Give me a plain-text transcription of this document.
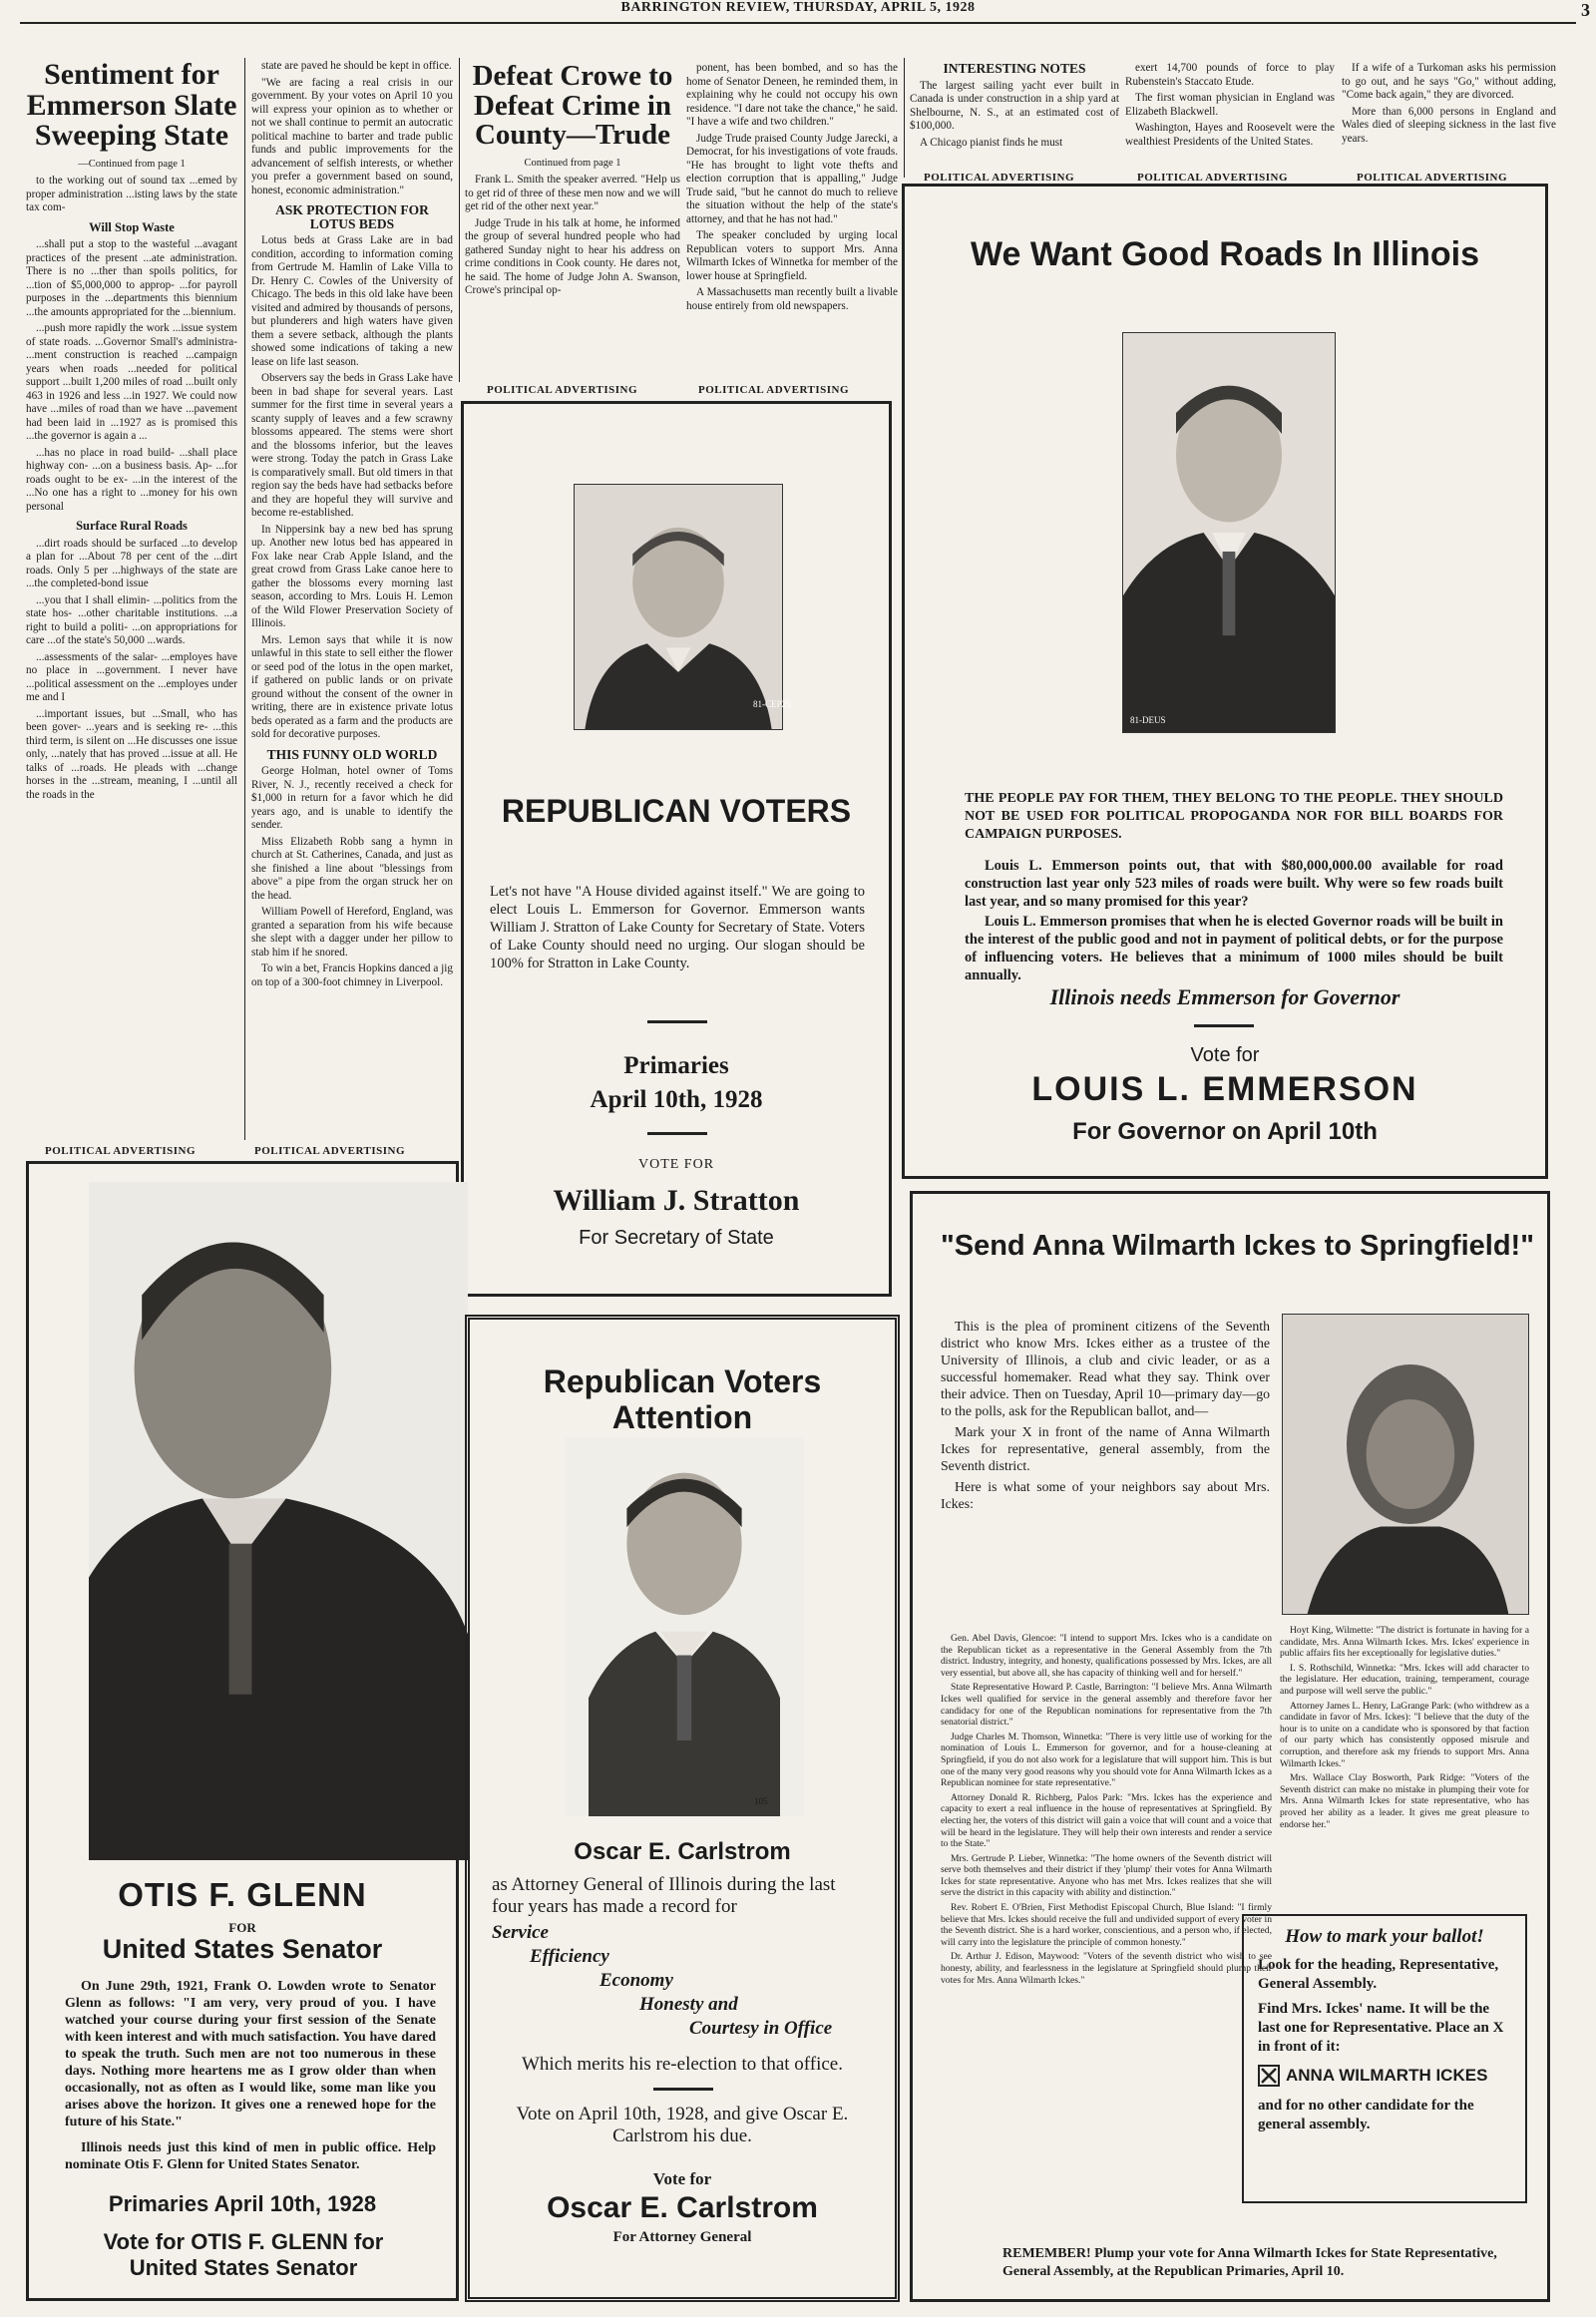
BARRINGTON REVIEW, THURSDAY, APRIL 5, 1928	3
Sentiment for Emmerson Slate Sweeping State
—Continued from page 1

to the working out of sound tax ...emed by proper administration ...isting laws by the state tax com-

Will Stop Waste

...shall put a stop to the wasteful ...avagant practices of the present ...ate administration. There is no ...ther than spoils politics, for ...tion of $5,000,000 to approp- ...for payroll purposes in the ...departments this biennium ...the amounts appropriated for the ...biennium.

...push more rapidly the work ...issue system of state roads. ...Governor Small's administra- ...ment construction is reached ...campaign years when roads ...needed for political support ...built 1,200 miles of road ...built only 463 in 1926 and less ...in 1927. We could now have ...miles of road than we have ...pavement had been laid in ...1927 as is promised this ...the governor is again a ...

...has no place in road build- ...shall place highway con- ...on a business basis. Ap- ...for roads ought to be ex- ...in the interest of the ...No one has a right to ...money for his own personal

Surface Rural Roads

...dirt roads should be surfaced ...to develop a plan for ...About 78 per cent of the ...dirt roads. Only 5 per ...highways of the state are ...the completed-bond issue

...you that I shall elimin- ...politics from the state hos- ...other charitable institutions. ...a right to build a politi- ...on appropriations for care ...of the state's 50,000 ...wards.

...assessments of the salar- ...employes have no place in ...government. I never have ...political assessment on the ...employes under me and I

...important issues, but ...Small, who has been gover- ...years and is seeking re- ...this third term, is silent on ...He discusses one issue only, ...nately that has proved ...issue at all. He talks of ...roads. He pleads with ...change horses in the ...stream, meaning, I ...until all the roads in the

state are paved he should be kept in office.

"We are facing a real crisis in our government. By your votes on April 10 you will express your opinion as to whether or not we shall continue to permit an autocratic political machine to barter and trade public funds and public improvements for the advancement of selfish interests, or whether you prefer a government based on sound, honest, economic administration."

ASK PROTECTION FOR LOTUS BEDS

Lotus beds at Grass Lake are in bad condition, according to information coming from Gertrude M. Hamlin of Lake Villa to Dr. Henry C. Cowles of the University of Chicago. The beds in this old lake have been visited and admired by thousands of persons, but plunderers and high waters have given them a severe setback, although the plants showed some indications of taking a new lease on life last season.

Observers say the beds in Grass Lake have been in bad shape for several years. Last summer for the first time in several years a scanty supply of leaves and a few scrawny blossoms appeared. The stems were short and the blossoms inferior, but the leaves were strong. Today the patch in Grass Lake is comparatively small. But old timers in that region say the beds have had setbacks before and they are hopeful they will survive and become re-established.

In Nippersink bay a new bed has sprung up. Another new lotus bed has appeared in Fox lake near Crab Apple Island, and the great crowd from Grass Lake canoe here to gather the blossoms every morning last season, according to Mrs. Louis H. Lemon of the Wild Flower Preservation Society of Illinois.

Mrs. Lemon says that while it is now unlawful in this state to sell either the flower or seed pod of the lotus in the open market, if gathered on public lands or on private ground without the consent of the owner in writing, there are in existence private lotus beds operated as a farm and the products are sold for decorative purposes.

THIS FUNNY OLD WORLD

George Holman, hotel owner of Toms River, N. J., recently received a check for $1,000 in return for a favor which he did years ago, and is unable to identify the sender.

Miss Elizabeth Robb sang a hymn in church at St. Catherines, Canada, and just as she finished a line about "blessings from above" a pipe from the organ struck her on the head.

William Powell of Hereford, England, was granted a separation from his wife because she slept with a dagger under her pillow to stab him if he snored.

To win a bet, Francis Hopkins danced a jig on top of a 300-foot chimney in Liverpool.

Defeat Crowe to Defeat Crime in County—Trude
Continued from page 1

Frank L. Smith the speaker averred. "Help us to get rid of three of these men now and we will get rid of the other next year."

Judge Trude in his talk at home, he informed the group of several hundred people who had gathered Sunday night to hear his address on crime conditions in Cook county. He dares not, he said. The home of Judge John A. Swanson, Crowe's principal op-

ponent, has been bombed, and so has the home of Senator Deneen, he reminded them, in explaining why he could not occupy his own residence. "I dare not take the chance," he said. "I have a wife and two children."

Judge Trude praised County Judge Jarecki, a Democrat, for his investigations of vote frauds. "He has brought to light vote thefts and election corruption that is appalling," Judge Trude said, "but he cannot do much to relieve the situation without the help of the state's attorney, and that he has not had."

The speaker concluded by urging local Republican voters to support Mrs. Anna Wilmarth Ickes of Winnetka for member of the lower house at Springfield.

A Massachusetts man recently built a livable house entirely from old newspapers.

INTERESTING NOTES

The largest sailing yacht ever built in Canada is under construction in a ship yard at Shelbourne, N. S., at an estimated cost of $100,000.

A Chicago pianist finds he must

exert 14,700 pounds of force to play Rubenstein's Staccato Etude.

The first woman physician in England was Elizabeth Blackwell.

Washington, Hayes and Roosevelt were the wealthiest Presidents of the United States.

If a wife of a Turkoman asks his permission to go out, and he says "Go," without adding, "Come back again," they are divorced.

More than 6,000 persons in England and Wales died of sleeping sickness in the last five years.

POLITICAL ADVERTISING	POLITICAL ADVERTISING
POLITICAL ADVERTISING	POLITICAL ADVERTISING	POLITICAL ADVERTISING
POLITICAL ADVERTISING	POLITICAL ADVERTISING
81-CEP25
REPUBLICAN VOTERS
Let's not have "A House divided against itself." We are going to elect Louis L. Emmerson for Governor. Emmerson wants William J. Stratton of Lake County for Secretary of State. Voters of Lake County should need no urging. Our slogan should be 100% for Stratton in Lake County.
Primaries
April 10th, 1928
VOTE FOR
William J. Stratton
For Secretary of State
We Want Good Roads In Illinois
81-DEUS
THE PEOPLE PAY FOR THEM, THEY BELONG TO THE PEOPLE. THEY SHOULD NOT BE USED FOR POLITICAL PROPOGANDA NOR FOR BILL BOARDS FOR CAMPAIGN PURPOSES.
Louis L. Emmerson points out, that with $80,000,000.00 available for road construction last year only 523 miles of roads were built. Why were so few roads built last year, and so many promised for this year?
Louis L. Emmerson promises that when he is elected Governor roads will be built in the interest of the public good and not in payment of political debts, or for the purpose of influencing voters. He believes that a minimum of 1000 miles should be built annually.
Illinois needs Emmerson for Governor
Vote for
LOUIS L. EMMERSON
For Governor on April 10th
OTIS F. GLENN
FOR
United States Senator
On June 29th, 1921, Frank O. Lowden wrote to Senator Glenn as follows: "I am very, very proud of you. I have watched your course during your first session of the Senate with keen interest and with much satisfaction. You have dared to speak the truth. Such men are not too numerous in these days. Nothing more heartens me as I grow older than when occasionally, not as often as I would like, some man like you arises above the horizon. It gives one a renewed hope for the future of his State."
Illinois needs just this kind of men in public office. Help nominate Otis F. Glenn for United States Senator.
Primaries April 10th, 1928
Vote for OTIS F. GLENN for United States Senator
Republican Voters Attention
105
Oscar E. Carlstrom
as Attorney General of Illinois during the last four years has made a record for
Service
Efficiency
Economy
Honesty and
Courtesy in Office
Which merits his re-election to that office.
Vote on April 10th, 1928, and give Oscar E. Carlstrom his due.
Vote for
Oscar E. Carlstrom
For Attorney General
"Send Anna Wilmarth Ickes to Springfield!"

This is the plea of prominent citizens of the Seventh district who know Mrs. Ickes either as a trustee of the University of Illinois, a club and civic leader, or as a successful homemaker. Read what they say. Think over their advice. Then on Tuesday, April 10—primary day—go to the polls, ask for the Republican ballot, and—

Mark your X in front of the name of Anna Wilmarth Ickes for representative, general assembly, from the Seventh district.

Here is what some of your neighbors say about Mrs. Ickes:

Gen. Abel Davis, Glencoe: "I intend to support Mrs. Ickes who is a candidate on the Republican ticket as a representative in the General Assembly from the 7th district. Industry, integrity, and honesty, qualifications possessed by Mrs. Ickes, are all very essential, but above all, she has capacity of thinking well and for herself."

State Representative Howard P. Castle, Barrington: "I believe Mrs. Anna Wilmarth Ickes well qualified for service in the general assembly and therefore favor her candidacy for one of the Republican nominations for representative from the 7th senatorial district."

Judge Charles M. Thomson, Winnetka: "There is very little use of working for the nomination of Louis L. Emmerson for governor, and for a house-cleaning at Springfield, if you do not also work for a legislature that will support him. This is but one of the many very good reasons why you should vote for Anna Wilmarth Ickes as a Republican nominee for state representative."

Attorney Donald R. Richberg, Palos Park: "Mrs. Ickes has the experience and capacity to exert a real influence in the house of representatives at Springfield. By electing her, the voters of this district will gain a voice that will count and a voice that will be heard in the legislature. They will help their own interests and render a service to the State."

Mrs. Gertrude P. Lieber, Winnetka: "The home owners of the Seventh district will serve both themselves and their district if they 'plump' their votes for Anna Wilmarth Ickes for state representative. Anyone who has met Mrs. Ickes realizes that she will serve the district in this capacity with ability and distinction."

Rev. Robert E. O'Brien, First Methodist Episcopal Church, Blue Island: "I firmly believe that Mrs. Ickes should receive the full and undivided support of every voter in the Seventh district. She is a hard worker, conscientious, and a person who, if elected, will carry into the legislature the principle of common honesty."

Dr. Arthur J. Edison, Maywood: "Voters of the seventh district who wish to see honesty, ability, and fearlessness in the legislature at Springfield should plump their votes for Mrs. Anna Wilmarth Ickes."

Hoyt King, Wilmette: "The district is fortunate in having for a candidate, Mrs. Anna Wilmarth Ickes. Mrs. Ickes' experience in public affairs fits her exceptionally for legislative duties."

I. S. Rothschild, Winnetka: "Mrs. Ickes will add character to the legislature. Her education, training, temperament, courage and purpose will well serve the public."

Attorney James L. Henry, LaGrange Park: (who withdrew as a candidate in favor of Mrs. Ickes): "I believe that the duty of the hour is to unite on a candidate who is sponsored by that faction of our party which has consistently opposed misrule and corruption, and therefore ask my friends to support Mrs. Anna Wilmarth Ickes."

Mrs. Wallace Clay Bosworth, Park Ridge: "Voters of the Seventh district can make no mistake in plumping their vote for Mrs. Anna Wilmarth Ickes for state representative, who has proved her ability as a leader. It gives me great pleasure to endorse her."

How to mark your ballot!
Look for the heading, Representative, General Assembly.
Find Mrs. Ickes' name. It will be the last one for Representative. Place an X in front of it:
ANNA WILMARTH ICKES
and for no other candidate for the general assembly.
REMEMBER! Plump your vote for Anna Wilmarth Ickes for State Representative, General Assembly, at the Republican Primaries, April 10.
